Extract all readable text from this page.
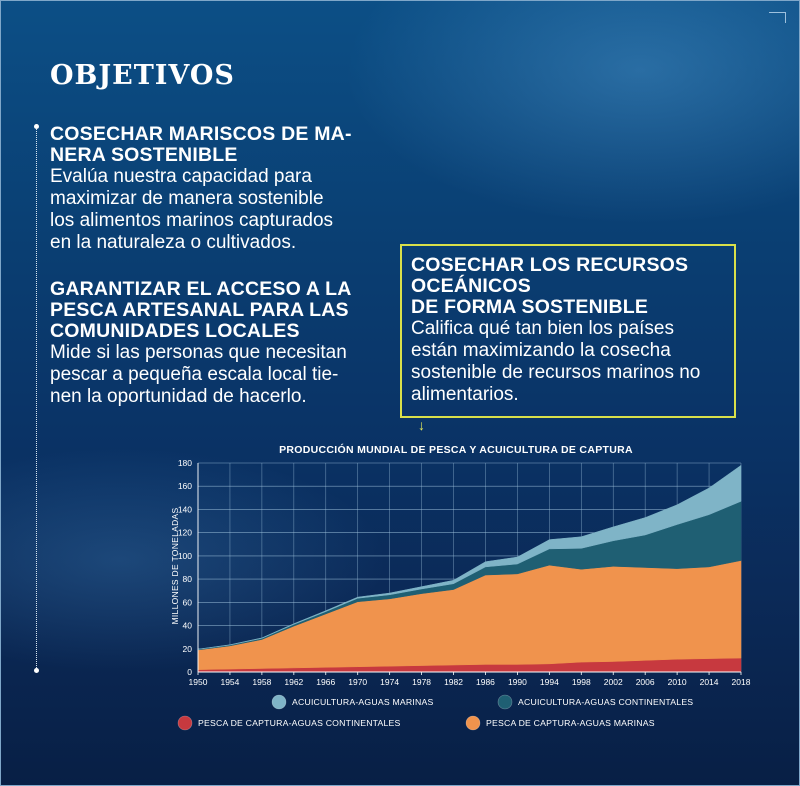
OBJETIVOS
COSECHAR MARISCOS DE MA-
NERA SOSTENIBLE

Evalúa nuestra capacidad para
maximizar de manera sostenible
los alimentos marinos capturados
en la naturaleza o cultivados.

GARANTIZAR EL ACCESO A LA
PESCA ARTESANAL PARA LAS
COMUNIDADES LOCALES

Mide si las personas que necesitan
pescar a pequeña escala local tie-
nen la oportunidad de hacerlo.

COSECHAR LOS RECURSOS
OCEÁNICOS
DE FORMA SOSTENIBLE

Califica qué tan bien los países
están maximizando la cosecha
sostenible de recursos marinos no
alimentarios.

↓
PRODUCCIÓN MUNDIAL DE PESCA Y ACUICULTURA DE CAPTURA
0
20
40
60
80
100
120
140
160
180
1950 1954 1958 1962 1966 1970 1974 1978 1982 1986 1990 1994 1998 2002 2006 2010 2014 2018
MILLONES DE TONELADAS
ACUICULTURA-AGUAS MARINAS	ACUICULTURA-AGUAS CONTINENTALES
PESCA DE CAPTURA-AGUAS CONTINENTALES	PESCA DE CAPTURA-AGUAS MARINAS
